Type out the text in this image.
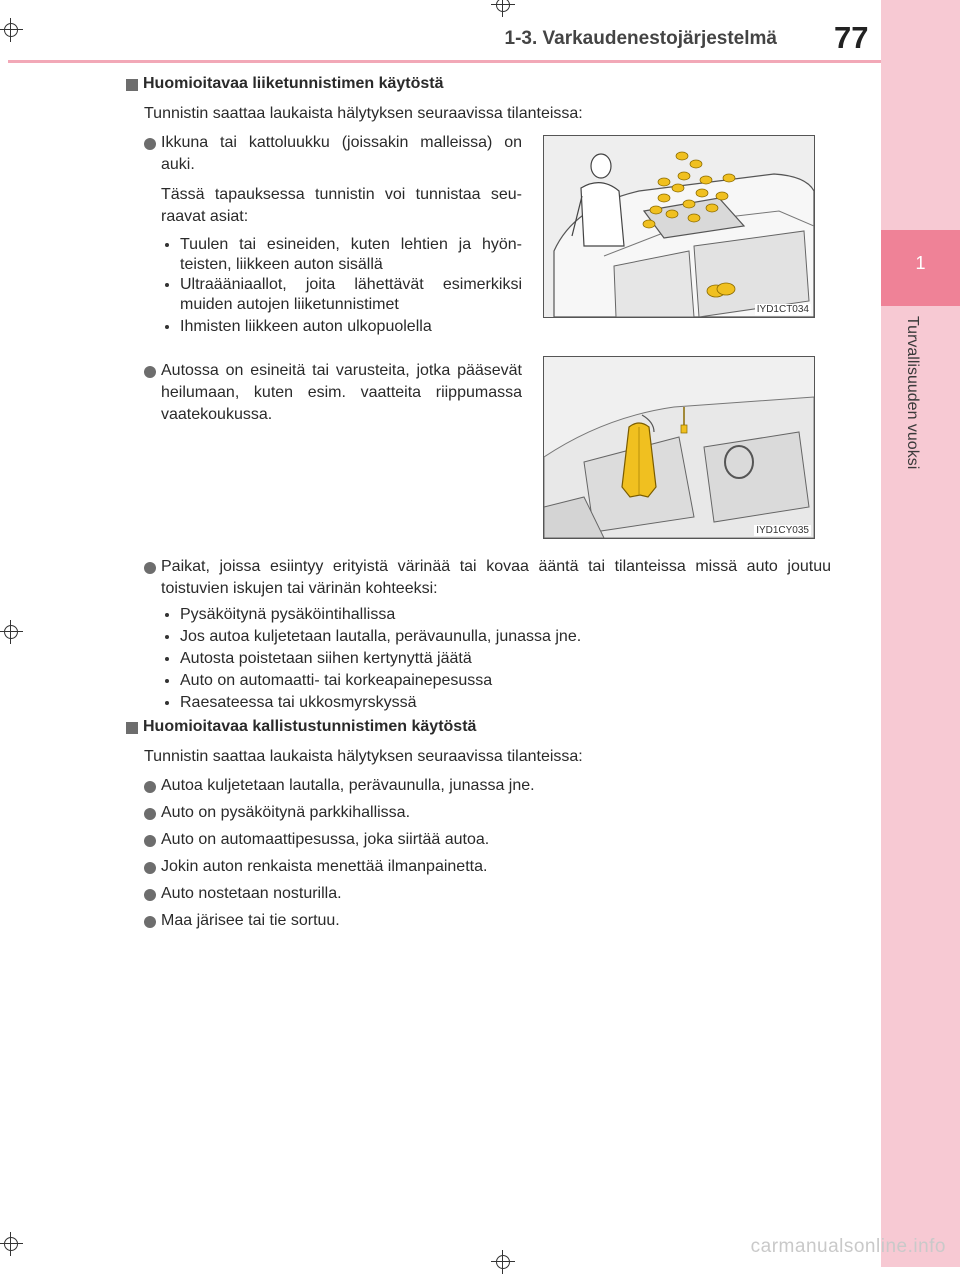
1
Turvallisuuden vuoksi
1-3. Varkaudenestojärjestelmä 77
Huomioitavaa liiketunnistimen käytöstä
Tunnistin saattaa laukaista hälytyksen seuraavissa tilanteissa:
Ikkuna tai kattoluukku (joissakin malleissa) on
auki.
Tässä tapauksessa tunnistin voi tunnistaa seu-
raavat asiat:
Tuulen tai esineiden, kuten lehtien ja hyön-
teisten, liikkeen auton sisällä
Ultraääniaallot, joita lähettävät esimerkiksi
muiden autojen liiketunnistimet
Ihmisten liikkeen auton ulkopuolella
IYD1CT034
Autossa on esineitä tai varusteita, jotka pääsevät
heilumaan, kuten esim. vaatteita riippumassa
vaatekoukussa.
IYD1CY035
Paikat, joissa esiintyy erityistä värinää tai kovaa ääntä tai tilanteissa missä auto joutuu
toistuvien iskujen tai värinän kohteeksi:
Pysäköitynä pysäköintihallissa
Jos autoa kuljetetaan lautalla, perävaunulla, junassa jne.
Autosta poistetaan siihen kertynyttä jäätä
Auto on automaatti- tai korkeapainepesussa
Raesateessa tai ukkosmyrskyssä
Huomioitavaa kallistustunnistimen käytöstä
Tunnistin saattaa laukaista hälytyksen seuraavissa tilanteissa:
Autoa kuljetetaan lautalla, perävaunulla, junassa jne.
Auto on pysäköitynä parkkihallissa.
Auto on automaattipesussa, joka siirtää autoa.
Jokin auton renkaista menettää ilmanpainetta.
Auto nostetaan nosturilla.
Maa järisee tai tie sortuu.
carmanualsonline.info
